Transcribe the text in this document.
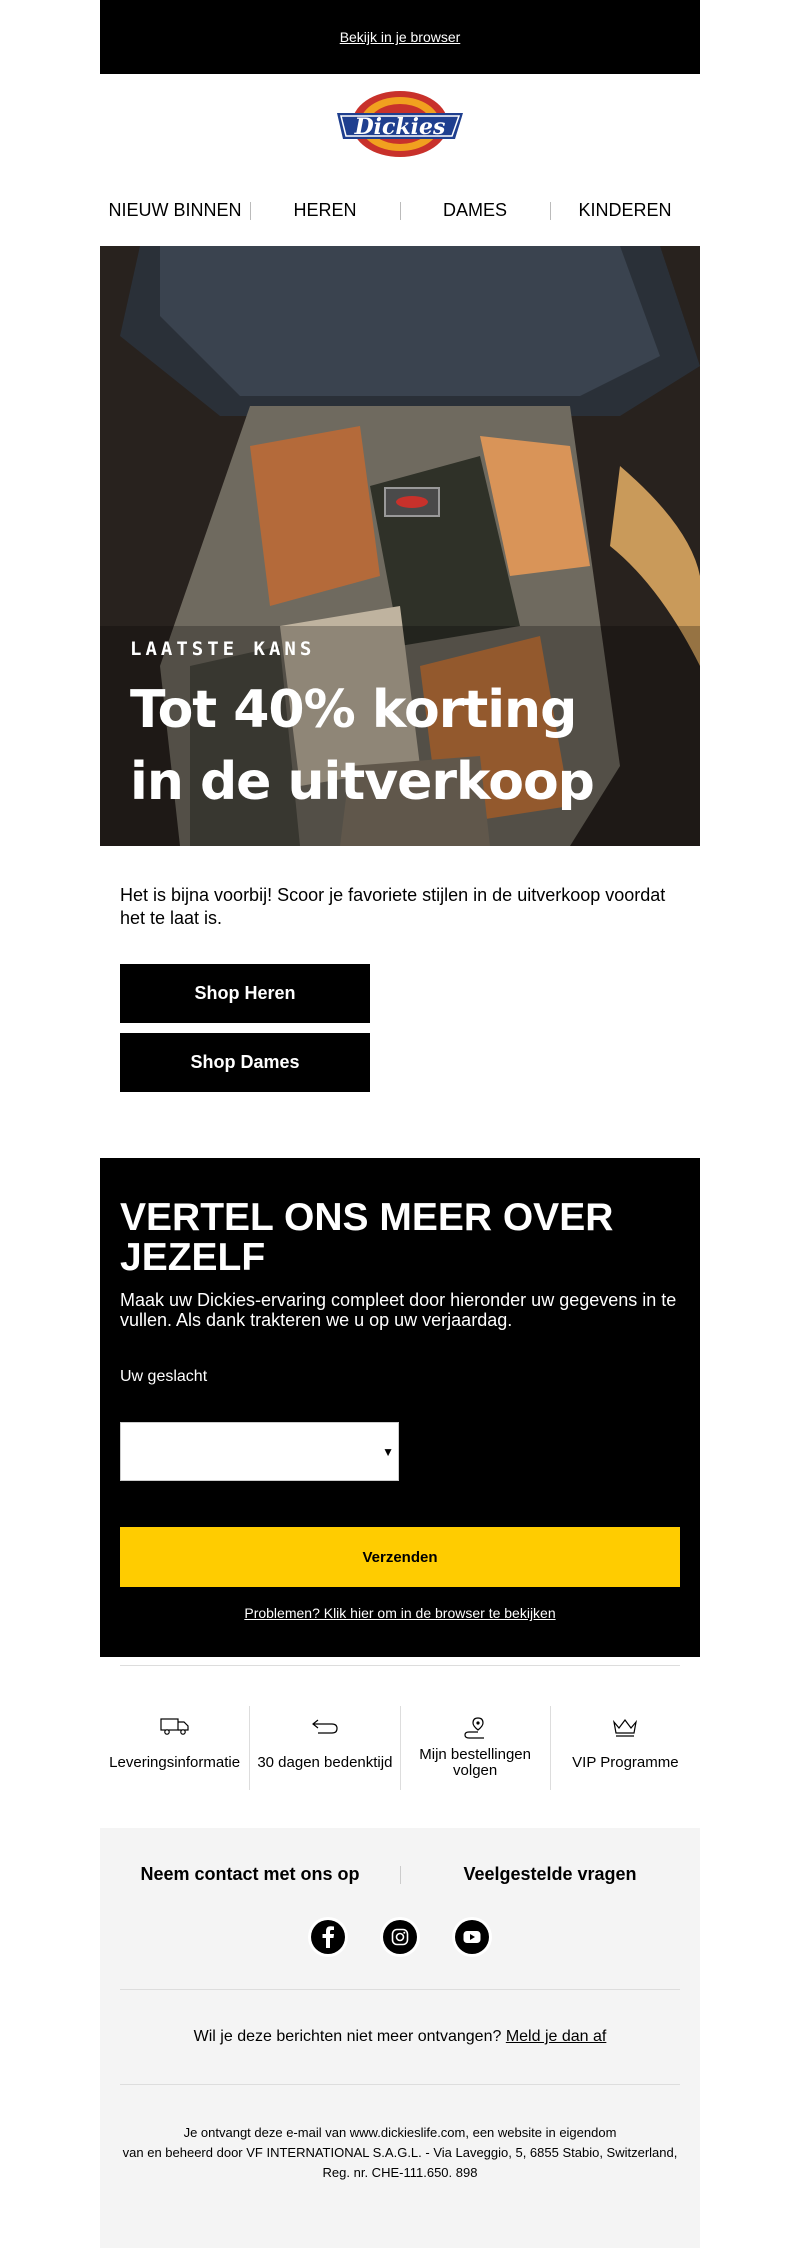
Bekijk in je browser
Dickies
NIEUW BINNEN	HEREN	DAMES	KINDEREN
LAATSTE KANS
Tot 40% korting
in de uitverkoop
Het is bijna voorbij! Scoor je favoriete stijlen in de uitverkoop voordat het te laat is.
Shop Heren
Shop Dames
VERTEL ONS MEER OVER JEZELF

Maak uw Dickies-ervaring compleet door hieronder uw gegevens in te vullen. Als dank trakteren we u op uw verjaardag.

Uw geslacht
▼
Verzenden
Problemen? Klik hier om in de browser te bekijken
Leveringsinformatie	30 dagen bedenktijd	Mijn bestellingen volgen	VIP Programme
Neem contact met ons op	Veelgestelde vragen
Wil je deze berichten niet meer ontvangen? Meld je dan af
Je ontvangt deze e-mail van www.dickieslife.com, een website in eigendom
van en beheerd door VF INTERNATIONAL S.A.G.L. - Via Laveggio, 5, 6855 Stabio, Switzerland,
Reg. nr. CHE-111.650. 898
